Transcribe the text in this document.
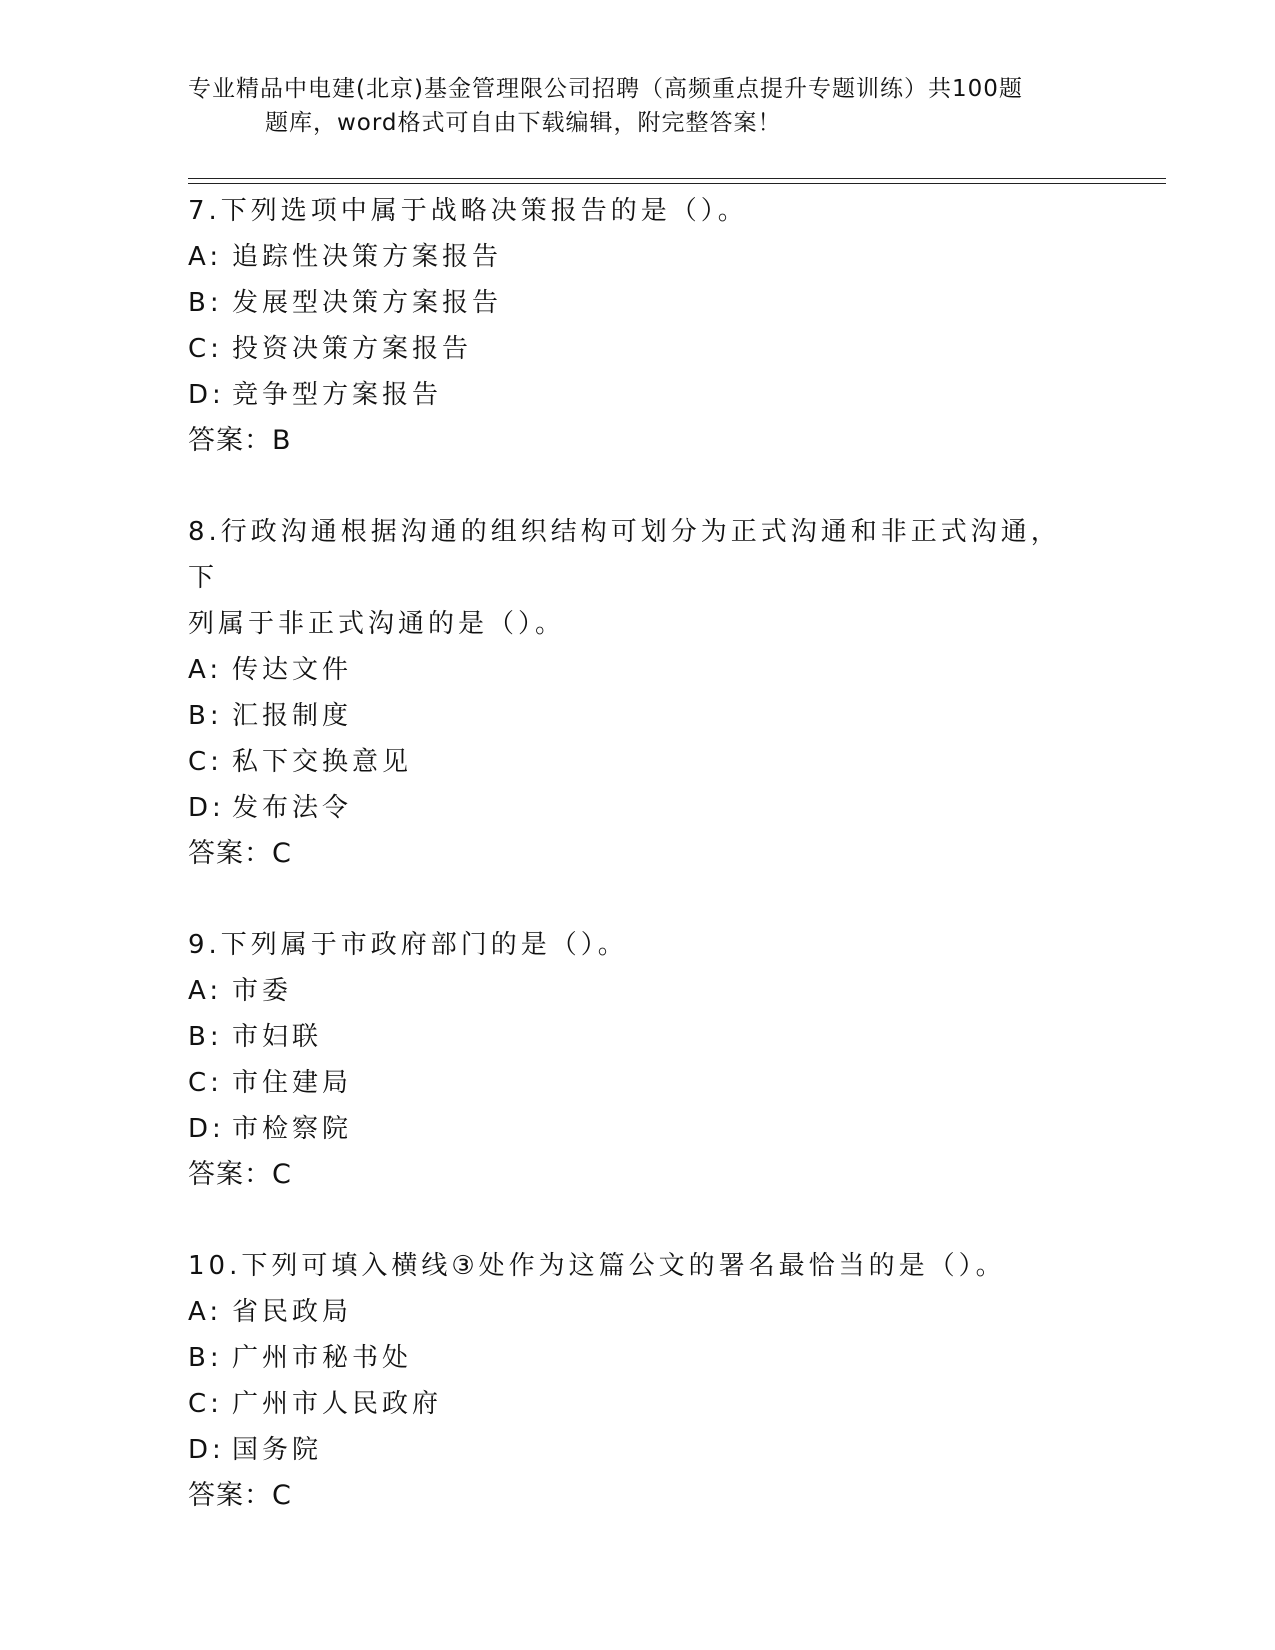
专业精品中电建(北京)基金管理限公司招聘（高频重点提升专题训练）共100题
题库，word格式可自由下载编辑，附完整答案！

7.下列选项中属于战略决策报告的是（）。

A: 追踪性决策方案报告

B: 发展型决策方案报告

C: 投资决策方案报告

D: 竞争型方案报告

答案：B

8.行政沟通根据沟通的组织结构可划分为正式沟通和非正式沟通，下

列属于非正式沟通的是（）。

A: 传达文件

B: 汇报制度

C: 私下交换意见

D: 发布法令

答案：C

9.下列属于市政府部门的是（）。

A: 市委

B: 市妇联

C: 市住建局

D: 市检察院

答案：C

10.下列可填入横线③处作为这篇公文的署名最恰当的是（）。

A: 省民政局

B: 广州市秘书处

C: 广州市人民政府

D: 国务院

答案：C
